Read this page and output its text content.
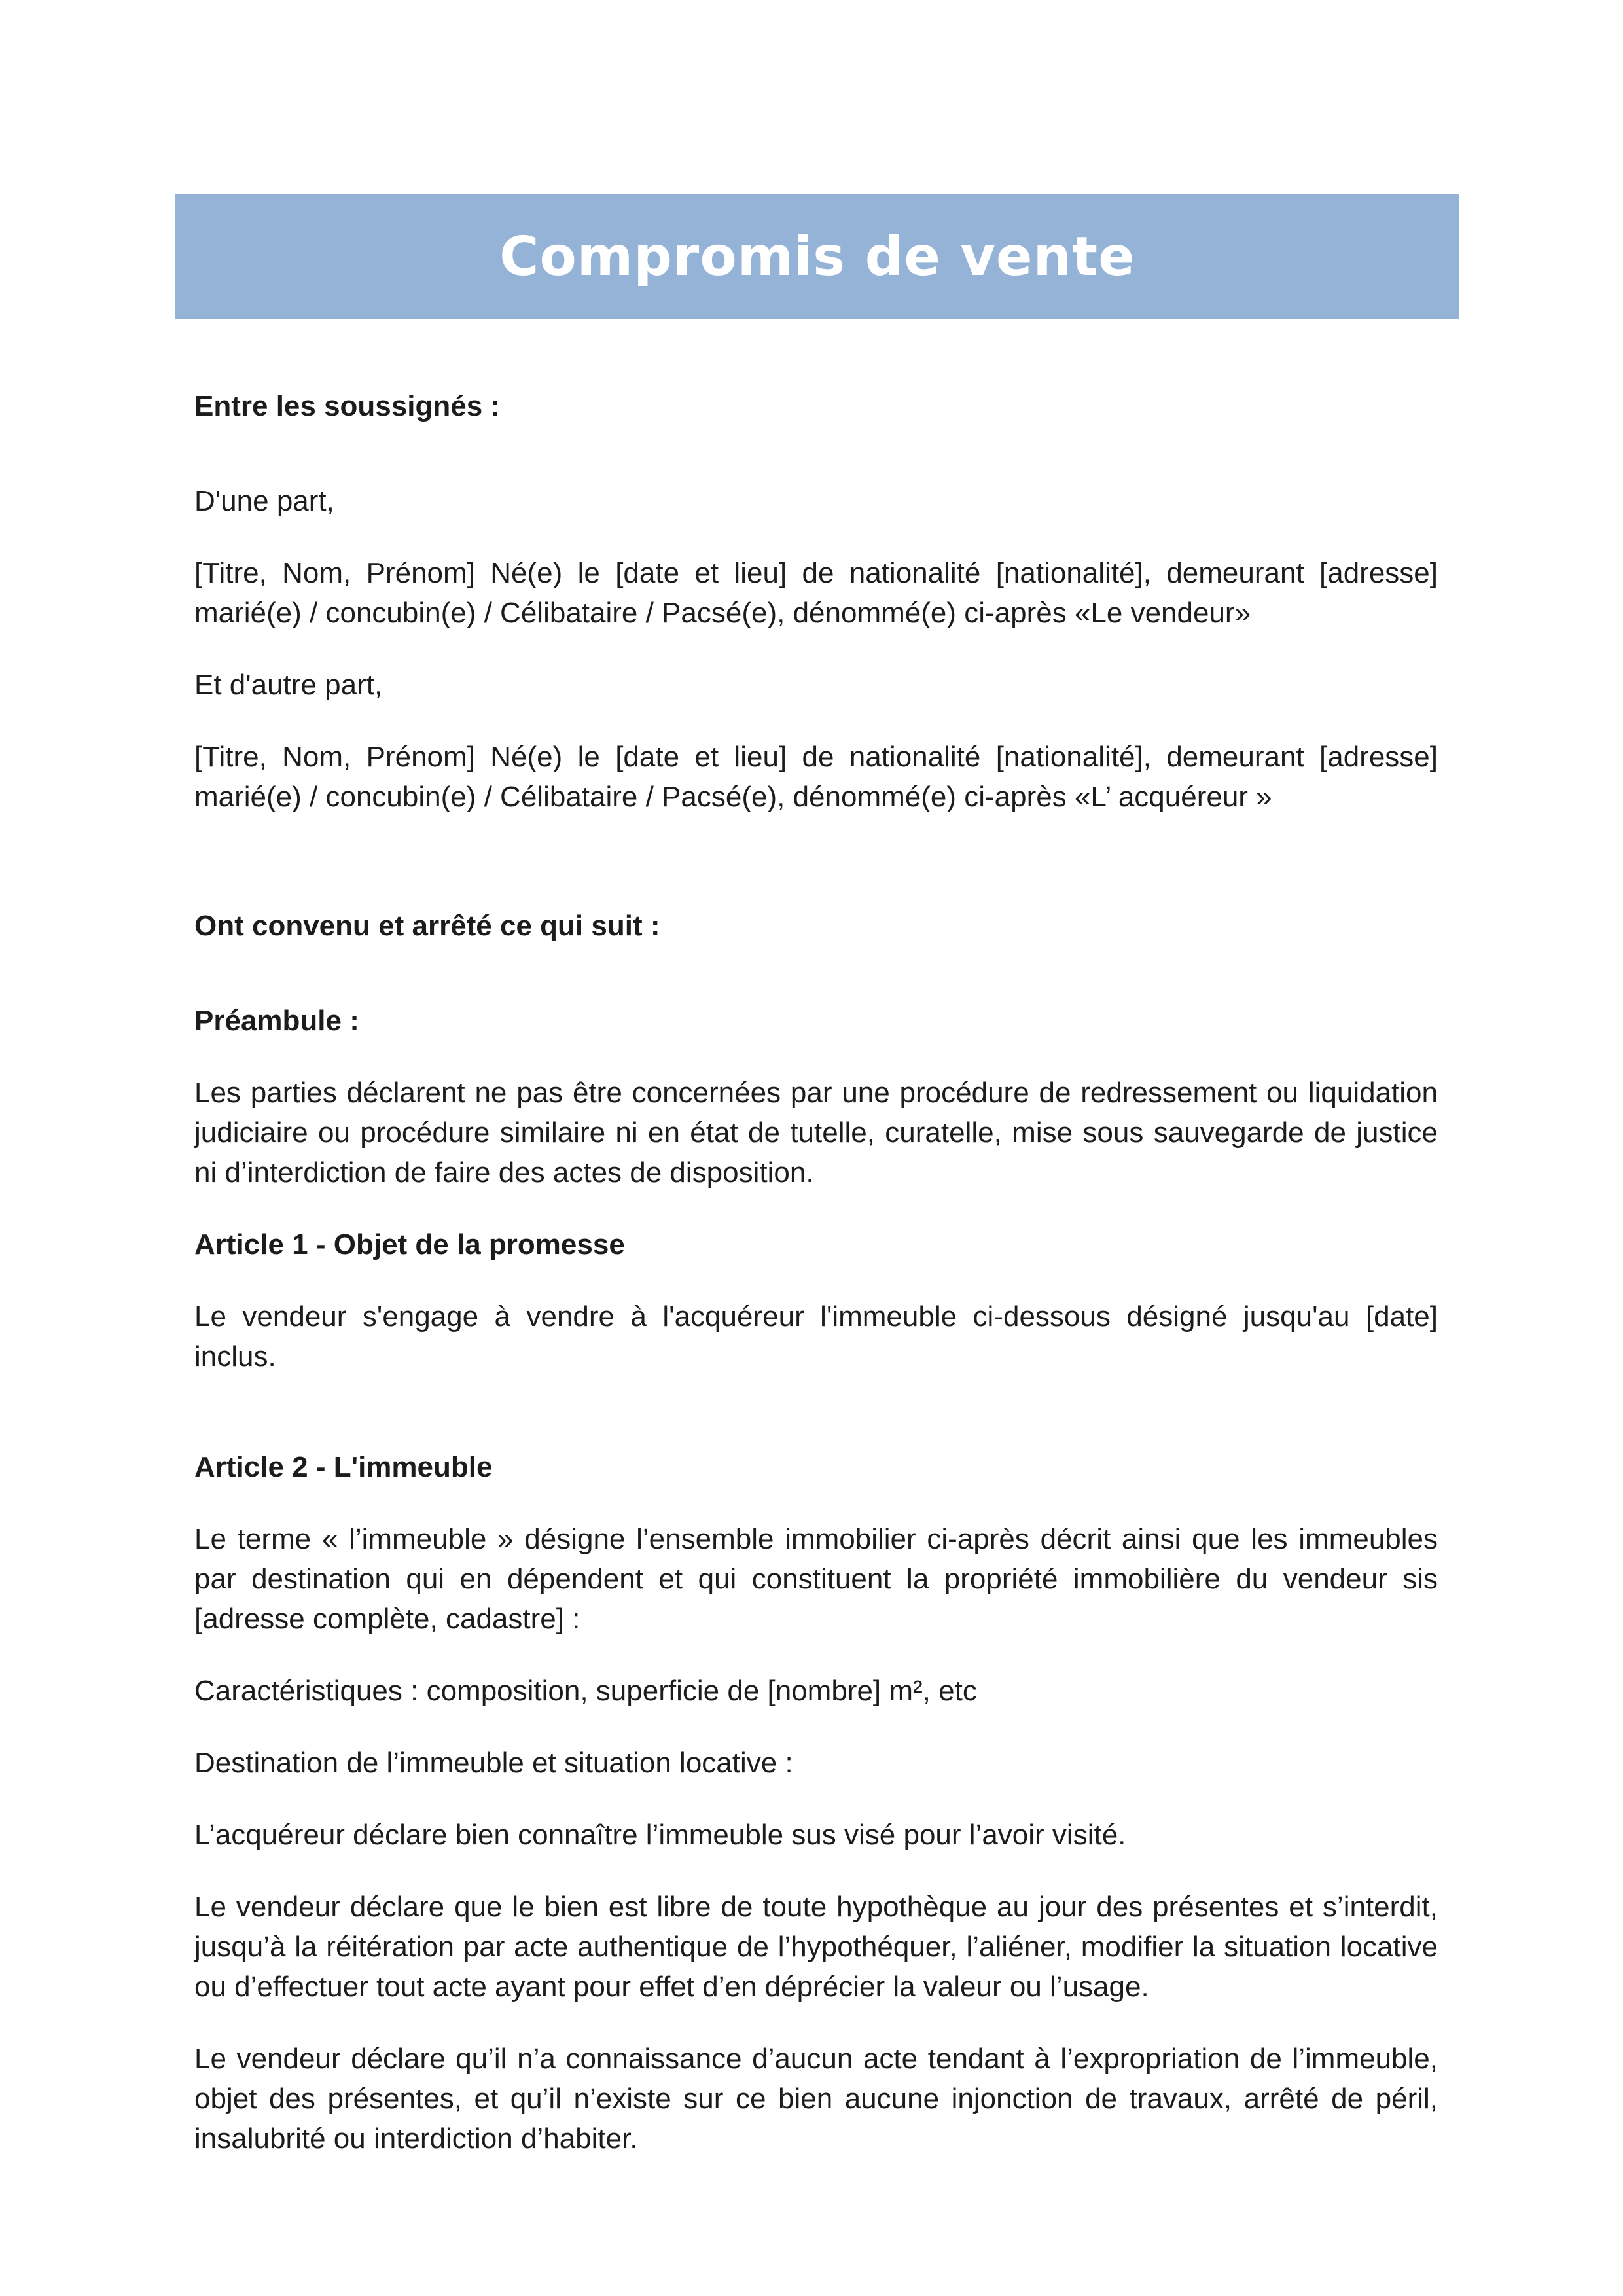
Compromis de vente

Entre les soussignés :

D'une part,

[Titre, Nom, Prénom] Né(e) le [date et lieu] de nationalité [nationalité], demeurant [adresse] marié(e) / concubin(e) / Célibataire / Pacsé(e), dénommé(e) ci-après «Le vendeur»

Et d'autre part,

[Titre, Nom, Prénom] Né(e) le [date et lieu] de nationalité [nationalité], demeurant [adresse] marié(e) / concubin(e) / Célibataire / Pacsé(e), dénommé(e) ci-après «L’ acquéreur »

Ont convenu et arrêté ce qui suit :

Préambule :

Les parties déclarent ne pas être concernées par une procédure de redressement ou liquidation judiciaire ou procédure similaire ni en état de tutelle, curatelle, mise sous sauvegarde de justice ni d’interdiction de faire des actes de disposition.

Article 1 - Objet de la promesse

Le vendeur s'engage à vendre à l'acquéreur l'immeuble ci-dessous désigné jusqu'au [date] inclus.

Article 2 - L'immeuble

Le terme « l’immeuble » désigne l’ensemble immobilier ci-après décrit ainsi que les immeubles par destination qui en dépendent et qui constituent la propriété immobilière du vendeur sis [adresse complète, cadastre] :

Caractéristiques : composition, superficie de [nombre] m², etc

Destination de l’immeuble et situation locative :

L’acquéreur déclare bien connaître l’immeuble sus visé pour l’avoir visité.

Le vendeur déclare que le bien est libre de toute hypothèque au jour des présentes et s’interdit, jusqu’à la réitération par acte authentique de l’hypothéquer, l’aliéner, modifier la situation locative ou d’effectuer tout acte ayant pour effet d’en déprécier la valeur ou l’usage.

Le vendeur déclare qu’il n’a connaissance d’aucun acte tendant à l’expropriation de l’immeuble, objet des présentes, et qu’il n’existe sur ce bien aucune injonction de travaux, arrêté de péril, insalubrité ou interdiction d’habiter.
